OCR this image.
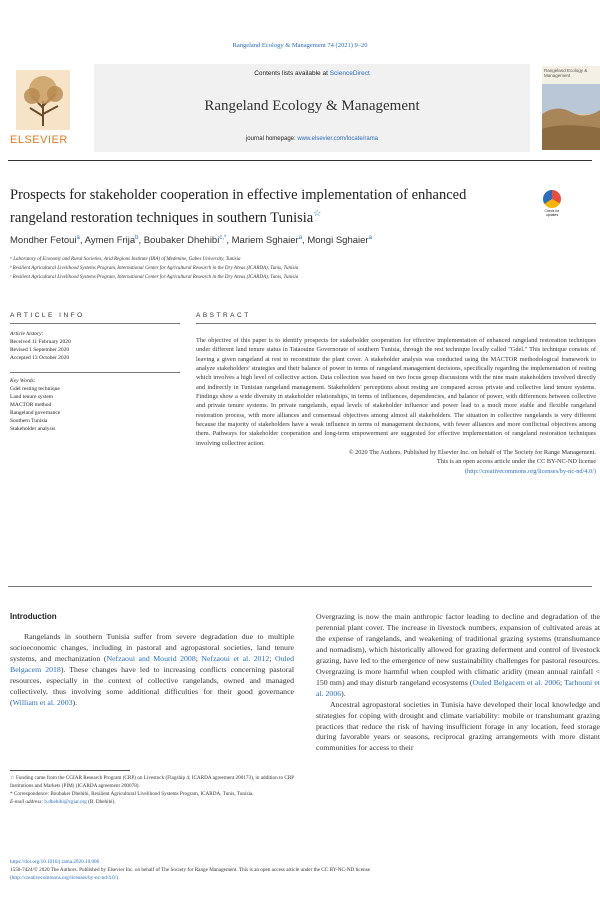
Rangeland Ecology & Management 74 (2021) 9–20
ELSEVIER
Contents lists available at ScienceDirect
Rangeland Ecology & Management
journal homepage: www.elsevier.com/locate/rama
Rangeland Ecology & Management
Prospects for stakeholder cooperation in effective implementation of enhanced rangeland restoration techniques in southern Tunisia☆	Check for updates
Mondher Fetoui$^a$, Aymen Frija$^b$, Boubaker Dhehibi$^{c,*}$, Mariem Sghaier$^a$, Mongi Sghaier$^a$
ᵃ Laboratory of Economy and Rural Societies, Arid Regions Institute (IRA) of Medenine, Gabes University, Tunisia
ᵇ Resilient Agricultural Livelihood Systems Program, International Center for Agricultural Research in the Dry Areas (ICARDA), Tunis, Tunisia
ᶜ Resilient Agricultural Livelihood Systems Program, International Center for Agricultural Research in the Dry Areas (ICARDA), Tunis, Tunisia
ARTICLE INFO	ABSTRACT
Article history:
Received 11 February 2020
Revised 1 September 2020
Accepted 13 October 2020
Key Words:
Gdel resting technique
Land tenure system
MACTOR method
Rangeland governance
Southern Tunisia
Stakeholder analysis

The objective of this paper is to identify prospects for stakeholder cooperation for effective implementation of enhanced rangeland restoration techniques under different land tenure status in Tataouine Governorate of southern Tunisia, through the rest technique locally called "Gdel." This technique consists of leaving a given rangeland at rest to reconstitute the plant cover. A stakeholder analysis was conducted using the MACTOR methodological framework to analyze stakeholders' strategies and their balance of power in terms of rangeland management decisions, specifically regarding the implementation of resting which involves a high level of collective action. Data collection was based on two focus group discussions with the nine main stakeholders involved directly and indirectly in Tunisian rangeland management. Stakeholders' perceptions about resting are compared across private and collective land tenure systems. Findings show a wide diversity in stakeholder relationships, in terms of influences, dependencies, and balance of power, with differences between collective and private tenure systems. In private rangelands, equal levels of stakeholder influence and power lead to a much more stable and flexible rangeland restoration process, with more alliances and consensual objectives among almost all stakeholders. The situation in collective rangelands is very different because the majority of stakeholders have a weak influence in terms of management decisions, with fewer alliances and more conflictual objectives among them. Pathways for stakeholder cooperation and long-term empowerment are suggested for effective implementation of rangeland restoration techniques involving collective action.

© 2020 The Authors. Published by Elsevier Inc. on behalf of The Society for Range Management.
This is an open access article under the CC BY-NC-ND license
(http://creativecommons.org/licenses/by-nc-nd/4.0/)
Introduction

Rangelands in southern Tunisia suffer from severe degradation due to multiple socioeconomic changes, including in pastoral and agropastoral societies, land tenure systems, and mechanization (Nefzaoui and Mourid 2008; Nefzaoui et al. 2012; Ouled Belgacem 2018). These changes have led to increasing conflicts concerning pastoral resources, especially in the context of collective rangelands, owned and managed collectively, thus involving some additional difficulties for their good governance (William et al. 2003).

Overgrazing is now the main anthropic factor leading to decline and degradation of the perennial plant cover. The increase in livestock numbers, expansion of cultivated areas at the expense of rangelands, and weakening of traditional grazing systems (transhumance and nomadism), which historically allowed for grazing deferment and control of livestock grazing, have led to the emergence of new sustainability challenges for pastoral resources. Overgrazing is more harmful when coupled with climatic aridity (mean annual rainfall < 150 mm) and may disturb rangeland ecosystems (Ouled Belgacem et al. 2006; Tarhouni et al. 2006).

Ancestral agropastoral societies in Tunisia have developed their local knowledge and strategies for coping with drought and climate variability: mobile or transhumant grazing practices that reduce the risk of having insufficient forage in any location, feed storage during favorable years or seasons, reciprocal grazing arrangements with more distant communities for access to their

☆ Funding came from the CGIAR Research Program (CRP) on Livestock (Flagship 4; ICARDA agreement 200173), in addition to CRP Institutions and Markets (PIM) (ICARDA agreement 200078).
* Correspondence: Boubaker Dhehibi, Resilient Agricultural Livelihood Systems Program, ICARDA, Tunis, Tunisia.
E-mail address: b.dhehibi@cgiar.org (B. Dhehibi).
https://doi.org/10.1016/j.rama.2020.10.006
1550-7424/© 2020 The Authors. Published by Elsevier Inc. on behalf of The Society for Range Management. This is an open access article under the CC BY-NC-ND license
(http://creativecommons.org/licenses/by-nc-nd/4.0/)
